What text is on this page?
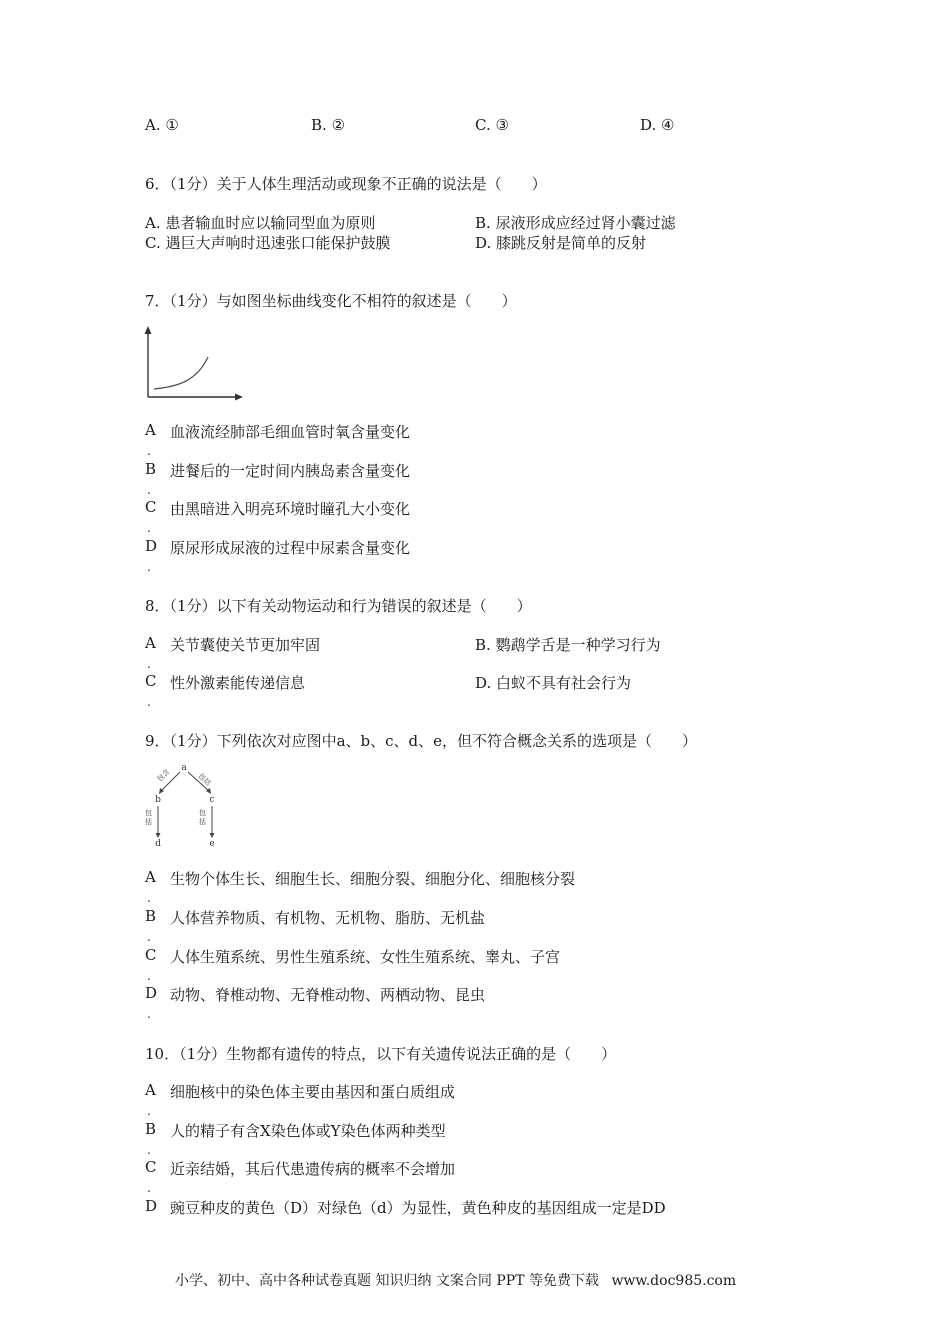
A. ①	B. ②	C. ③	D. ④
6．（1分）关于人体生理活动或现象不正确的说法是（　　）
A. 患者输血时应以输同型血为原则	B. 尿液形成应经过肾小囊过滤
C. 遇巨大声响时迅速张口能保护鼓膜	D. 膝跳反射是简单的反射
7．（1分）与如图坐标曲线变化不相符的叙述是（　　）
A
.
血液流经肺部毛细血管时氧含量变化
B
.
进餐后的一定时间内胰岛素含量变化
C
.
由黑暗进入明亮环境时瞳孔大小变化
D
.
原尿形成尿液的过程中尿素含量变化
8．（1分）以下有关动物运动和行为错误的叙述是（　　）
A
.
关节囊使关节更加牢固	B. 鹦鹉学舌是一种学习行为
C
.
性外激素能传递信息	D. 白蚁不具有社会行为
9．（1分）下列依次对应图中a、b、c、d、e，但不符合概念关系的选项是（　　）
a
b	c
d	e
包含	包括
包括
包括
A
.
生物个体生长、细胞生长、细胞分裂、细胞分化、细胞核分裂
B
.
人体营养物质、有机物、无机物、脂肪、无机盐
C
.
人体生殖系统、男性生殖系统、女性生殖系统、睾丸、子宫
D
.
动物、脊椎动物、无脊椎动物、两栖动物、昆虫
10．（1分）生物都有遗传的特点，以下有关遗传说法正确的是（　　）
A
.
细胞核中的染色体主要由基因和蛋白质组成
B
.
人的精子有含X染色体或Y染色体两种类型
C
.
近亲结婚，其后代患遗传病的概率不会增加
D 豌豆种皮的黄色（D）对绿色（d）为显性，黄色种皮的基因组成一定是DD
小学、初中、高中各种试卷真题 知识归纳 文案合同 PPT 等免费下载 www.doc985.com
